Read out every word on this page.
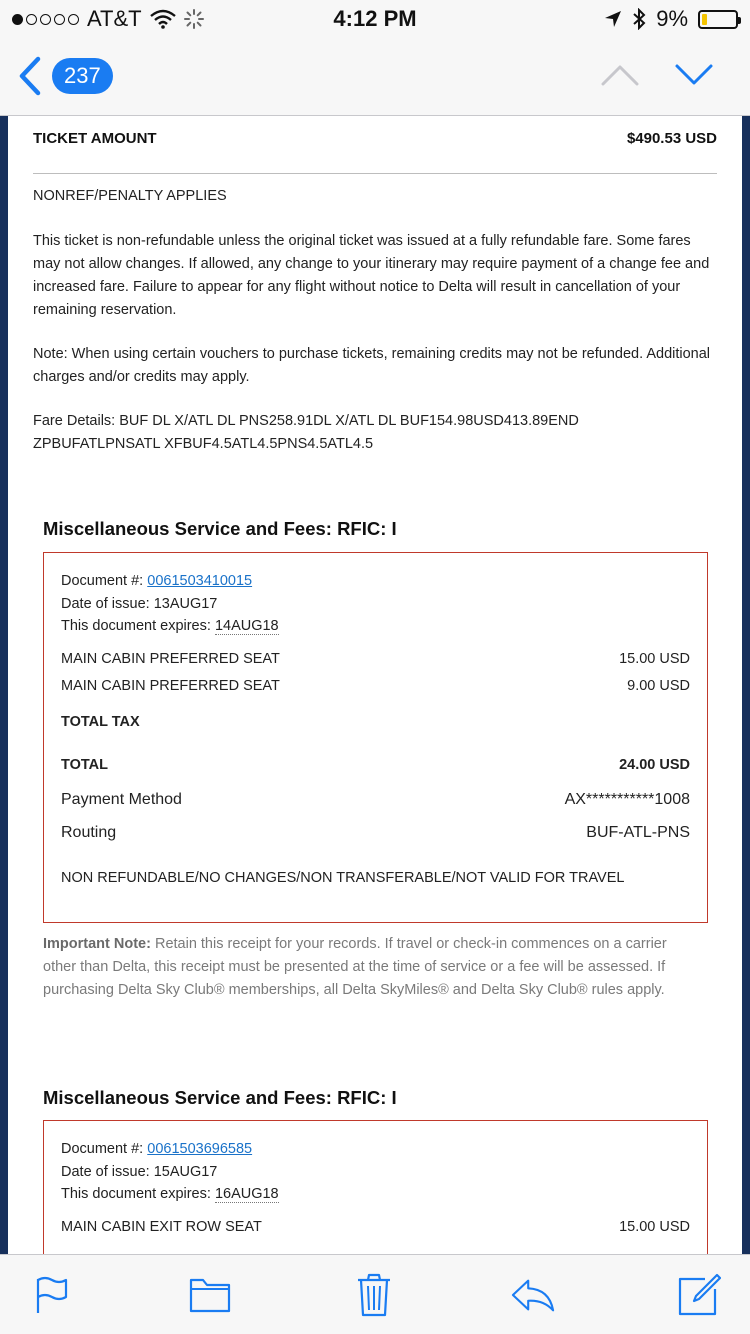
AT&T	4:12 PM	9%
237
TICKET AMOUNT	$490.53 USD
NONREF/PENALTY APPLIES
This ticket is non-refundable unless the original ticket was issued at a fully refundable fare. Some fares may not allow changes. If allowed, any change to your itinerary may require payment of a change fee and increased fare. Failure to appear for any flight without notice to Delta will result in cancellation of your remaining reservation.
Note: When using certain vouchers to purchase tickets, remaining credits may not be refunded. Additional charges and/or credits may apply.
Fare Details: BUF DL X/ATL DL PNS258.91DL X/ATL DL BUF154.98USD413.89END
ZPBUFATLPNSATL XFBUF4.5ATL4.5PNS4.5ATL4.5
Miscellaneous Service and Fees: RFIC: I
Document #: 0061503410015
Date of issue: 13AUG17
This document expires: 14AUG18
MAIN CABIN PREFERRED SEAT	15.00 USD
MAIN CABIN PREFERRED SEAT	9.00 USD
TOTAL TAX
TOTAL	24.00 USD
Payment Method	AX***********1008
Routing	BUF-ATL-PNS
NON REFUNDABLE/NO CHANGES/NON TRANSFERABLE/NOT VALID FOR TRAVEL
Important Note: Retain this receipt for your records. If travel or check-in commences on a carrier other than Delta, this receipt must be presented at the time of service or a fee will be assessed. If purchasing Delta Sky Club® memberships, all Delta SkyMiles® and Delta Sky Club® rules apply.
Miscellaneous Service and Fees: RFIC: I
Document #: 0061503696585
Date of issue: 15AUG17
This document expires: 16AUG18
MAIN CABIN EXIT ROW SEAT	15.00 USD
